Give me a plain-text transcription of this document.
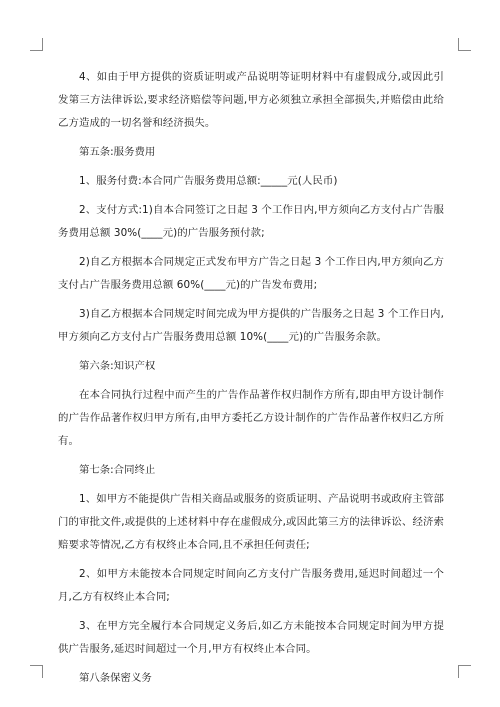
4、如由于甲方提供的资质证明或产品说明等证明材料中有虚假成分,或因此引发第三方法律诉讼,要求经济赔偿等问题,甲方必须独立承担全部损失,并赔偿由此给乙方造成的一切名誉和经济损失。

第五条:服务费用

1、服务付费:本合同广告服务费用总额:_____元(人民币)

2、支付方式:1)自本合同签订之日起 3 个工作日内,甲方须向乙方支付占广告服务费用总额 30%(____元)的广告服务预付款;

2)自乙方根据本合同规定正式发布甲方广告之日起 3 个工作日内,甲方须向乙方支付占广告服务费用总额 60%(____元)的广告发布费用;

3)自乙方根据本合同规定时间完成为甲方提供的广告服务之日起 3 个工作日内,甲方须向乙方支付占广告服务费用总额 10%(____元)的广告服务余款。

第六条:知识产权

在本合同执行过程中而产生的广告作品著作权归制作方所有,即由甲方设计制作的广告作品著作权归甲方所有,由甲方委托乙方设计制作的广告作品著作权归乙方所有。

第七条:合同终止

1、如甲方不能提供广告相关商品或服务的资质证明、产品说明书或政府主管部门的审批文件,或提供的上述材料中存在虚假成分,或因此第三方的法律诉讼、经济索赔要求等情况,乙方有权终止本合同,且不承担任何责任;

2、如甲方未能按本合同规定时间向乙方支付广告服务费用,延迟时间超过一个月,乙方有权终止本合同;

3、在甲方完全履行本合同规定义务后,如乙方未能按本合同规定时间为甲方提供广告服务,延迟时间超过一个月,甲方有权终止本合同。

第八条保密义务
